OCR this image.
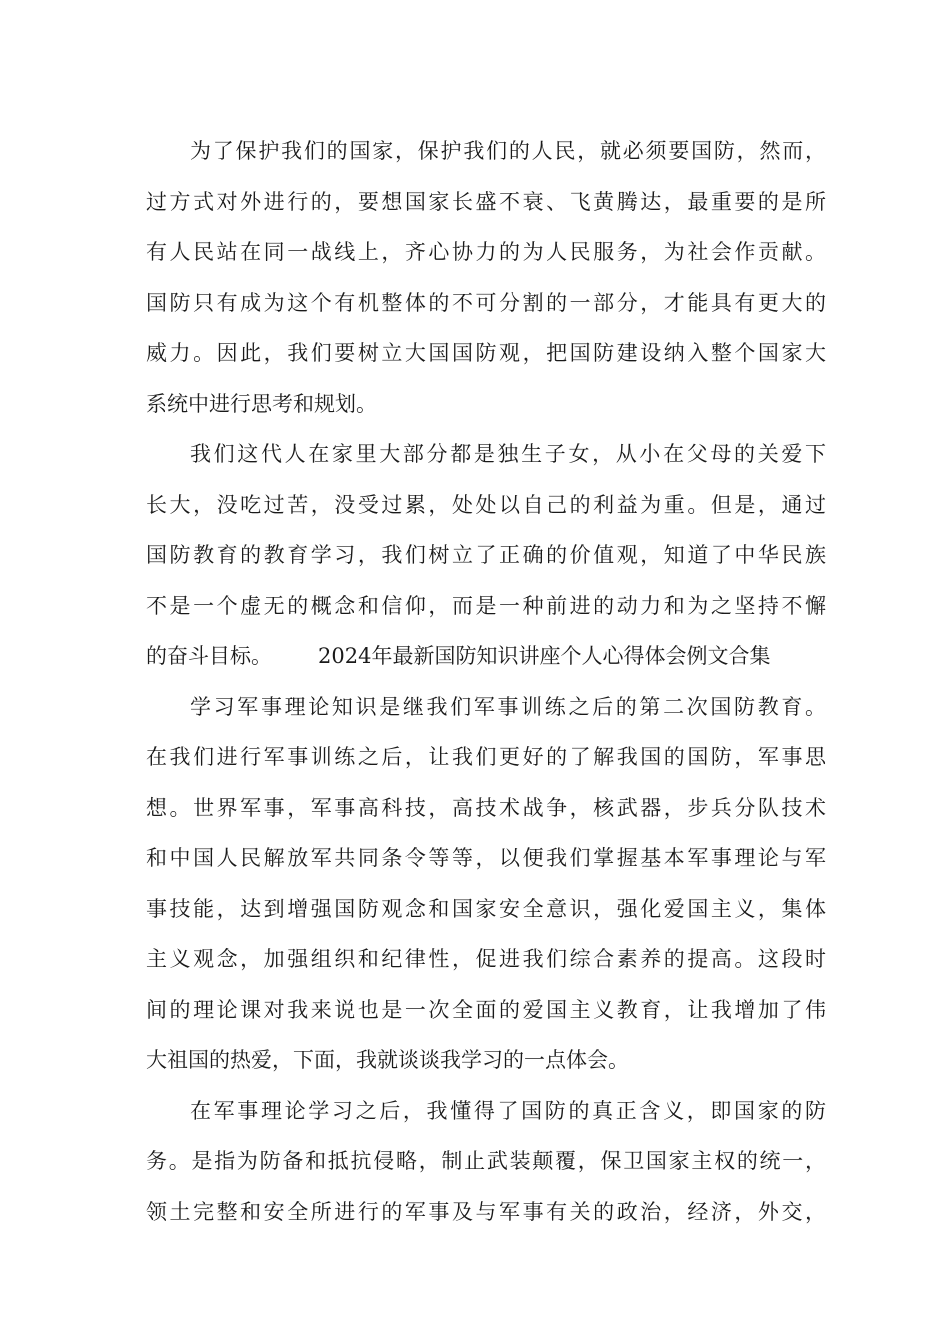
为了保护我们的国家，保护我们的人民，就必须要国防，然而，
过方式对外进行的，要想国家长盛不衰、飞黄腾达，最重要的是所
有人民站在同一战线上，齐心协力的为人民服务，为社会作贡献。
国防只有成为这个有机整体的不可分割的一部分，才能具有更大的
威力。因此，我们要树立大国国防观，把国防建设纳入整个国家大
系统中进行思考和规划。
我们这代人在家里大部分都是独生子女，从小在父母的关爱下
长大，没吃过苦，没受过累，处处以自己的利益为重。但是，通过
国防教育的教育学习，我们树立了正确的价值观，知道了中华民族
不是一个虚无的概念和信仰，而是一种前进的动力和为之坚持不懈
的奋斗目标。 2024年最新国防知识讲座个人心得体会例文合集
学习军事理论知识是继我们军事训练之后的第二次国防教育。
在我们进行军事训练之后，让我们更好的了解我国的国防，军事思
想。世界军事，军事高科技，高技术战争，核武器，步兵分队技术
和中国人民解放军共同条令等等，以便我们掌握基本军事理论与军
事技能，达到增强国防观念和国家安全意识，强化爱国主义，集体
主义观念，加强组织和纪律性，促进我们综合素养的提高。这段时
间的理论课对我来说也是一次全面的爱国主义教育，让我增加了伟
大祖国的热爱，下面，我就谈谈我学习的一点体会。
在军事理论学习之后，我懂得了国防的真正含义，即国家的防
务。是指为防备和抵抗侵略，制止武装颠覆，保卫国家主权的统一，
领土完整和安全所进行的军事及与军事有关的政治，经济，外交，
